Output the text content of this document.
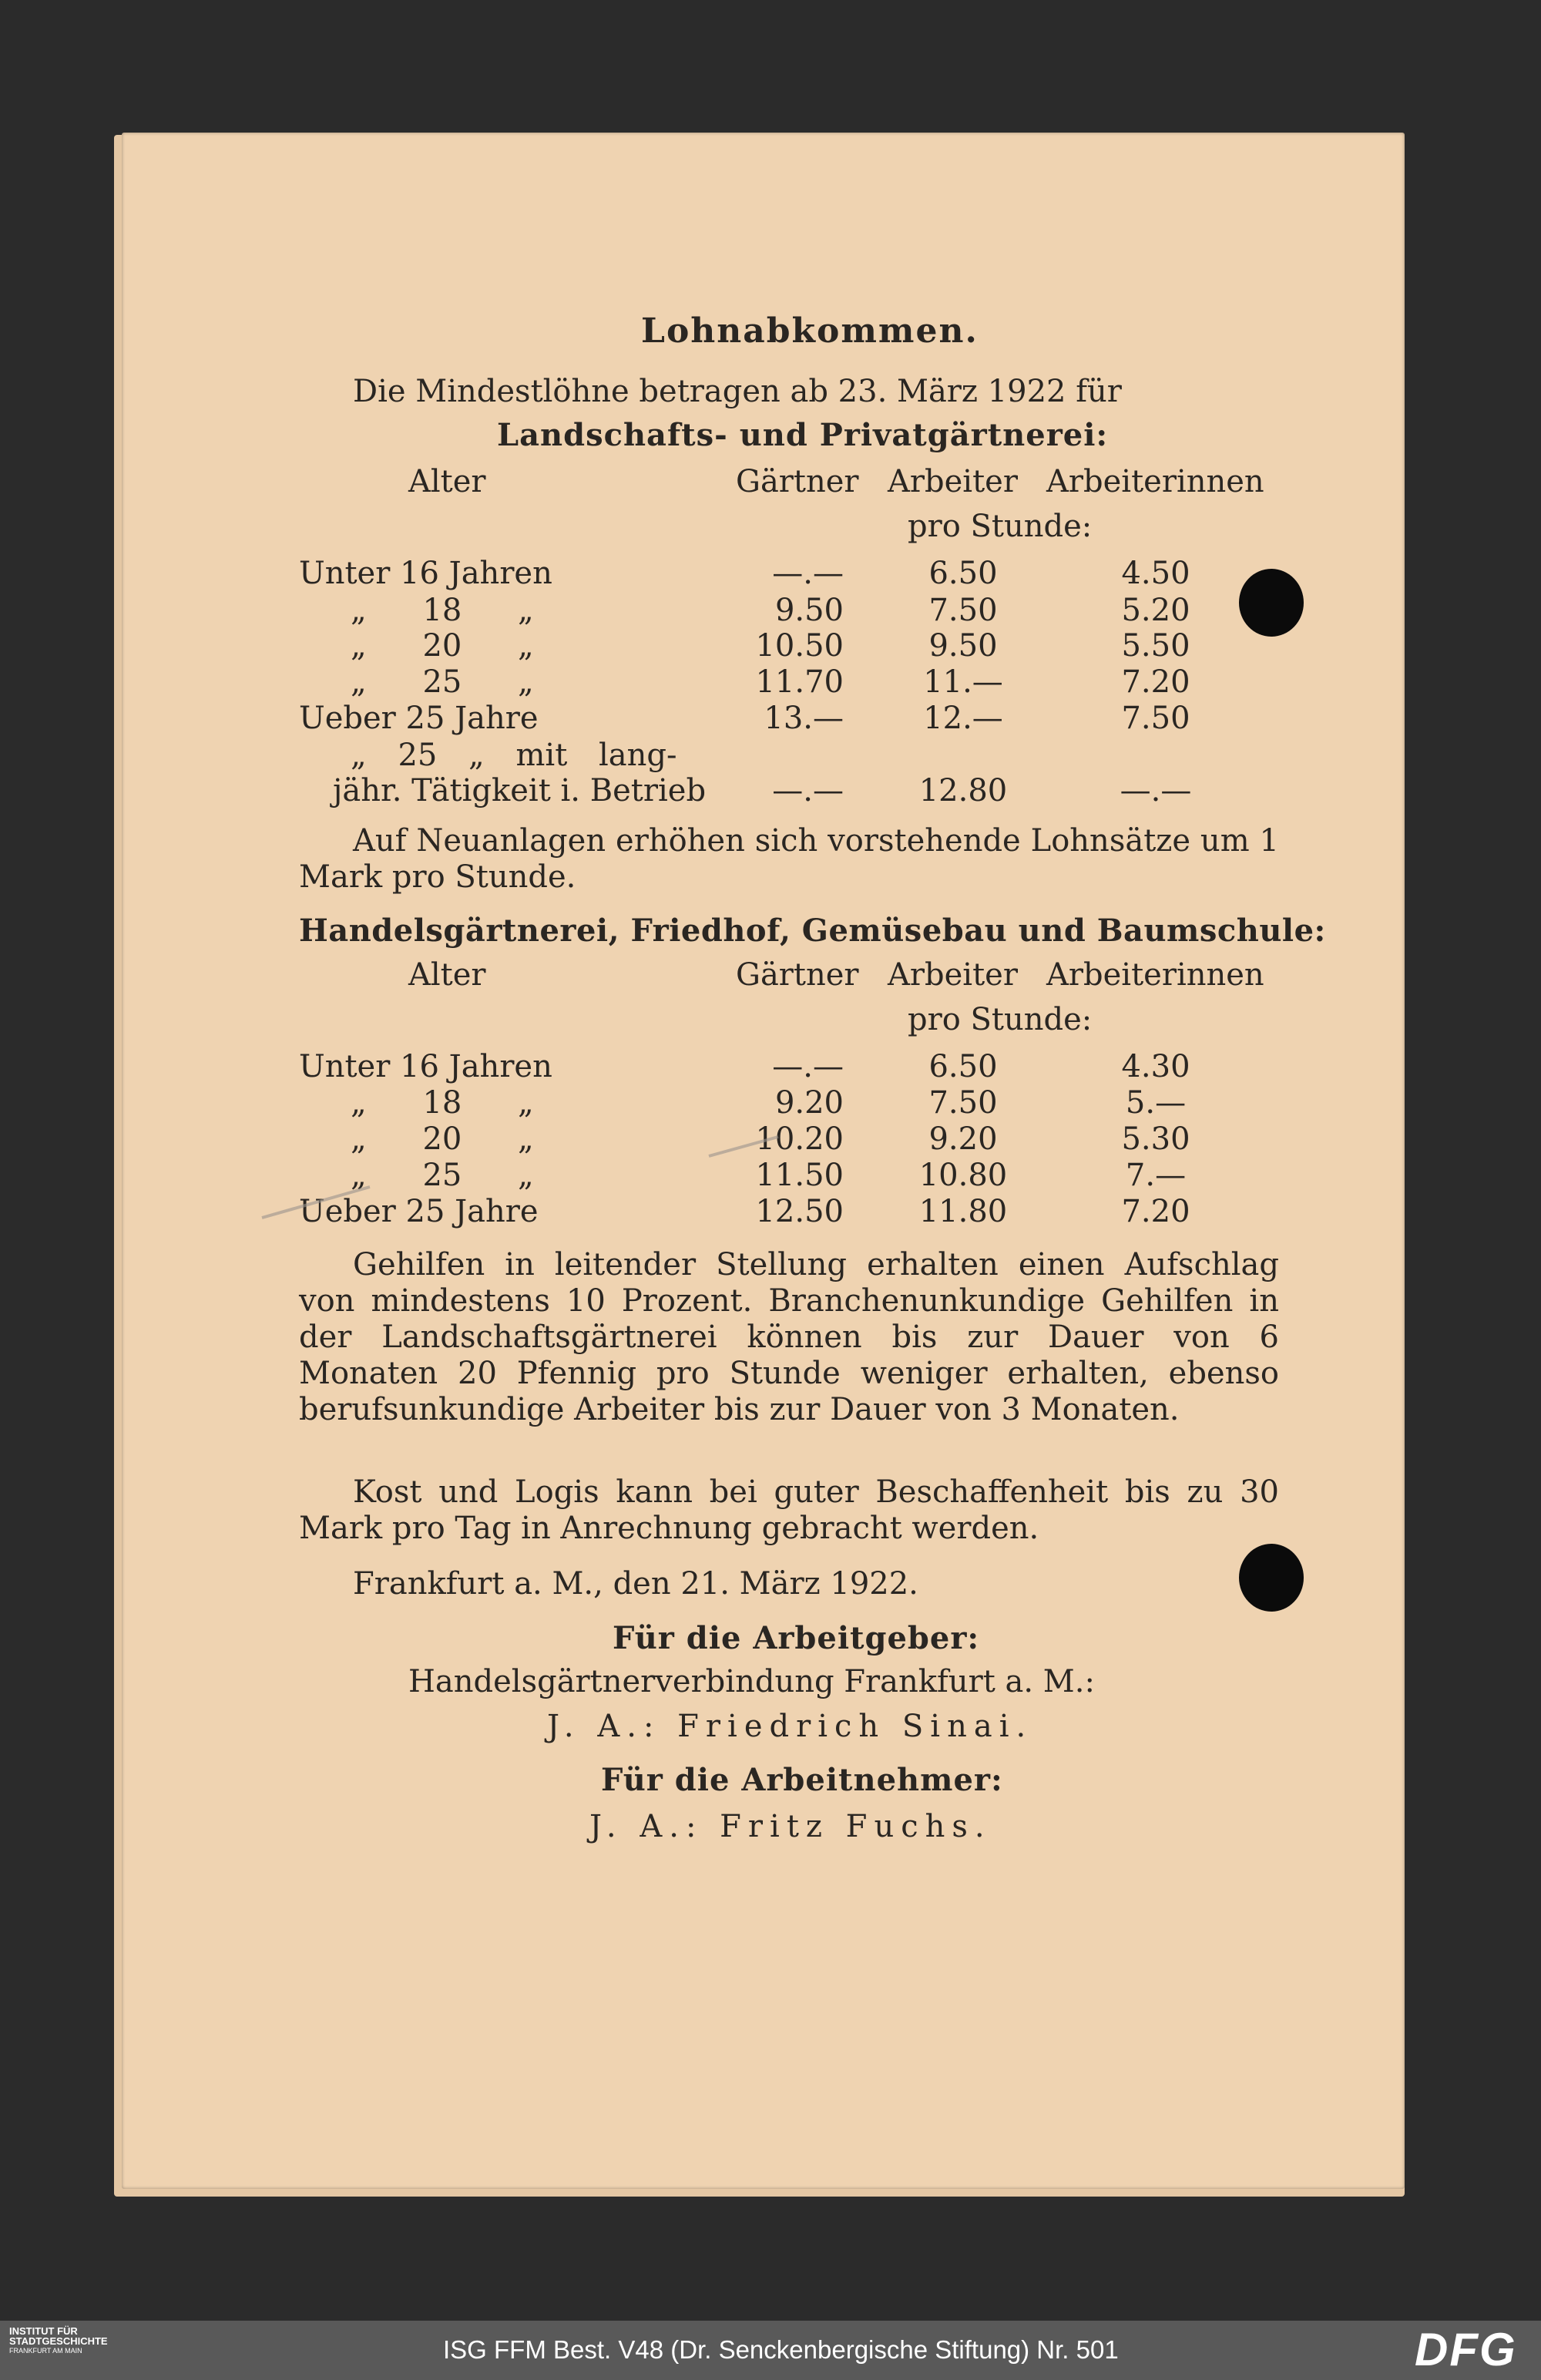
Lohnabkommen.
Die Mindestlöhne betragen ab 23. März 1922 für
Landschafts- und Privatgärtnerei:
Alter	Gärtner Arbeiter Arbeiterinnen
pro Stunde:
Unter 16 Jahren	—.—	6.50	4.50
„ 18 „	9.50	7.50	5.20
„ 20 „	10.50	9.50	5.50
„ 25 „	11.70	11.—	7.20
Ueber 25 Jahre	13.—	12.—	7.50
„ 25 „ mit lang-
jähr. Tätigkeit i. Betrieb	—.—	12.80	—.—
Auf Neuanlagen erhöhen sich vorstehende Lohnsätze um 1 Mark pro Stunde.
Handelsgärtnerei, Friedhof, Gemüsebau und Baumschule:
Alter	Gärtner Arbeiter Arbeiterinnen
pro Stunde:
Unter 16 Jahren	—.—	6.50	4.30
„ 18 „	9.20	7.50	5.—
„ 20 „	10.20	9.20	5.30
„ 25 „	11.50	10.80	7.—
Ueber 25 Jahre	12.50	11.80	7.20
Gehilfen in leitender Stellung erhalten einen Aufschlag von mindestens 10 Prozent. Branchenunkundige Gehilfen in der Landschaftsgärtnerei können bis zur Dauer von 6 Monaten 20 Pfennig pro Stunde weniger erhalten, ebenso berufsunkundige Arbeiter bis zur Dauer von 3 Monaten.
Kost und Logis kann bei guter Beschaffenheit bis zu 30 Mark pro Tag in Anrechnung gebracht werden.
Frankfurt a. M., den 21. März 1922.
Für die Arbeitgeber:
Handelsgärtnerverbindung Frankfurt a. M.:
J. A.: Friedrich Sinai.
Für die Arbeitnehmer:
J. A.: Fritz Fuchs.
INSTITUT FÜR
STADTGESCHICHTE
FRANKFURT AM MAIN	ISG FFM Best. V48 (Dr. Senckenbergische Stiftung) Nr. 501	DFG
